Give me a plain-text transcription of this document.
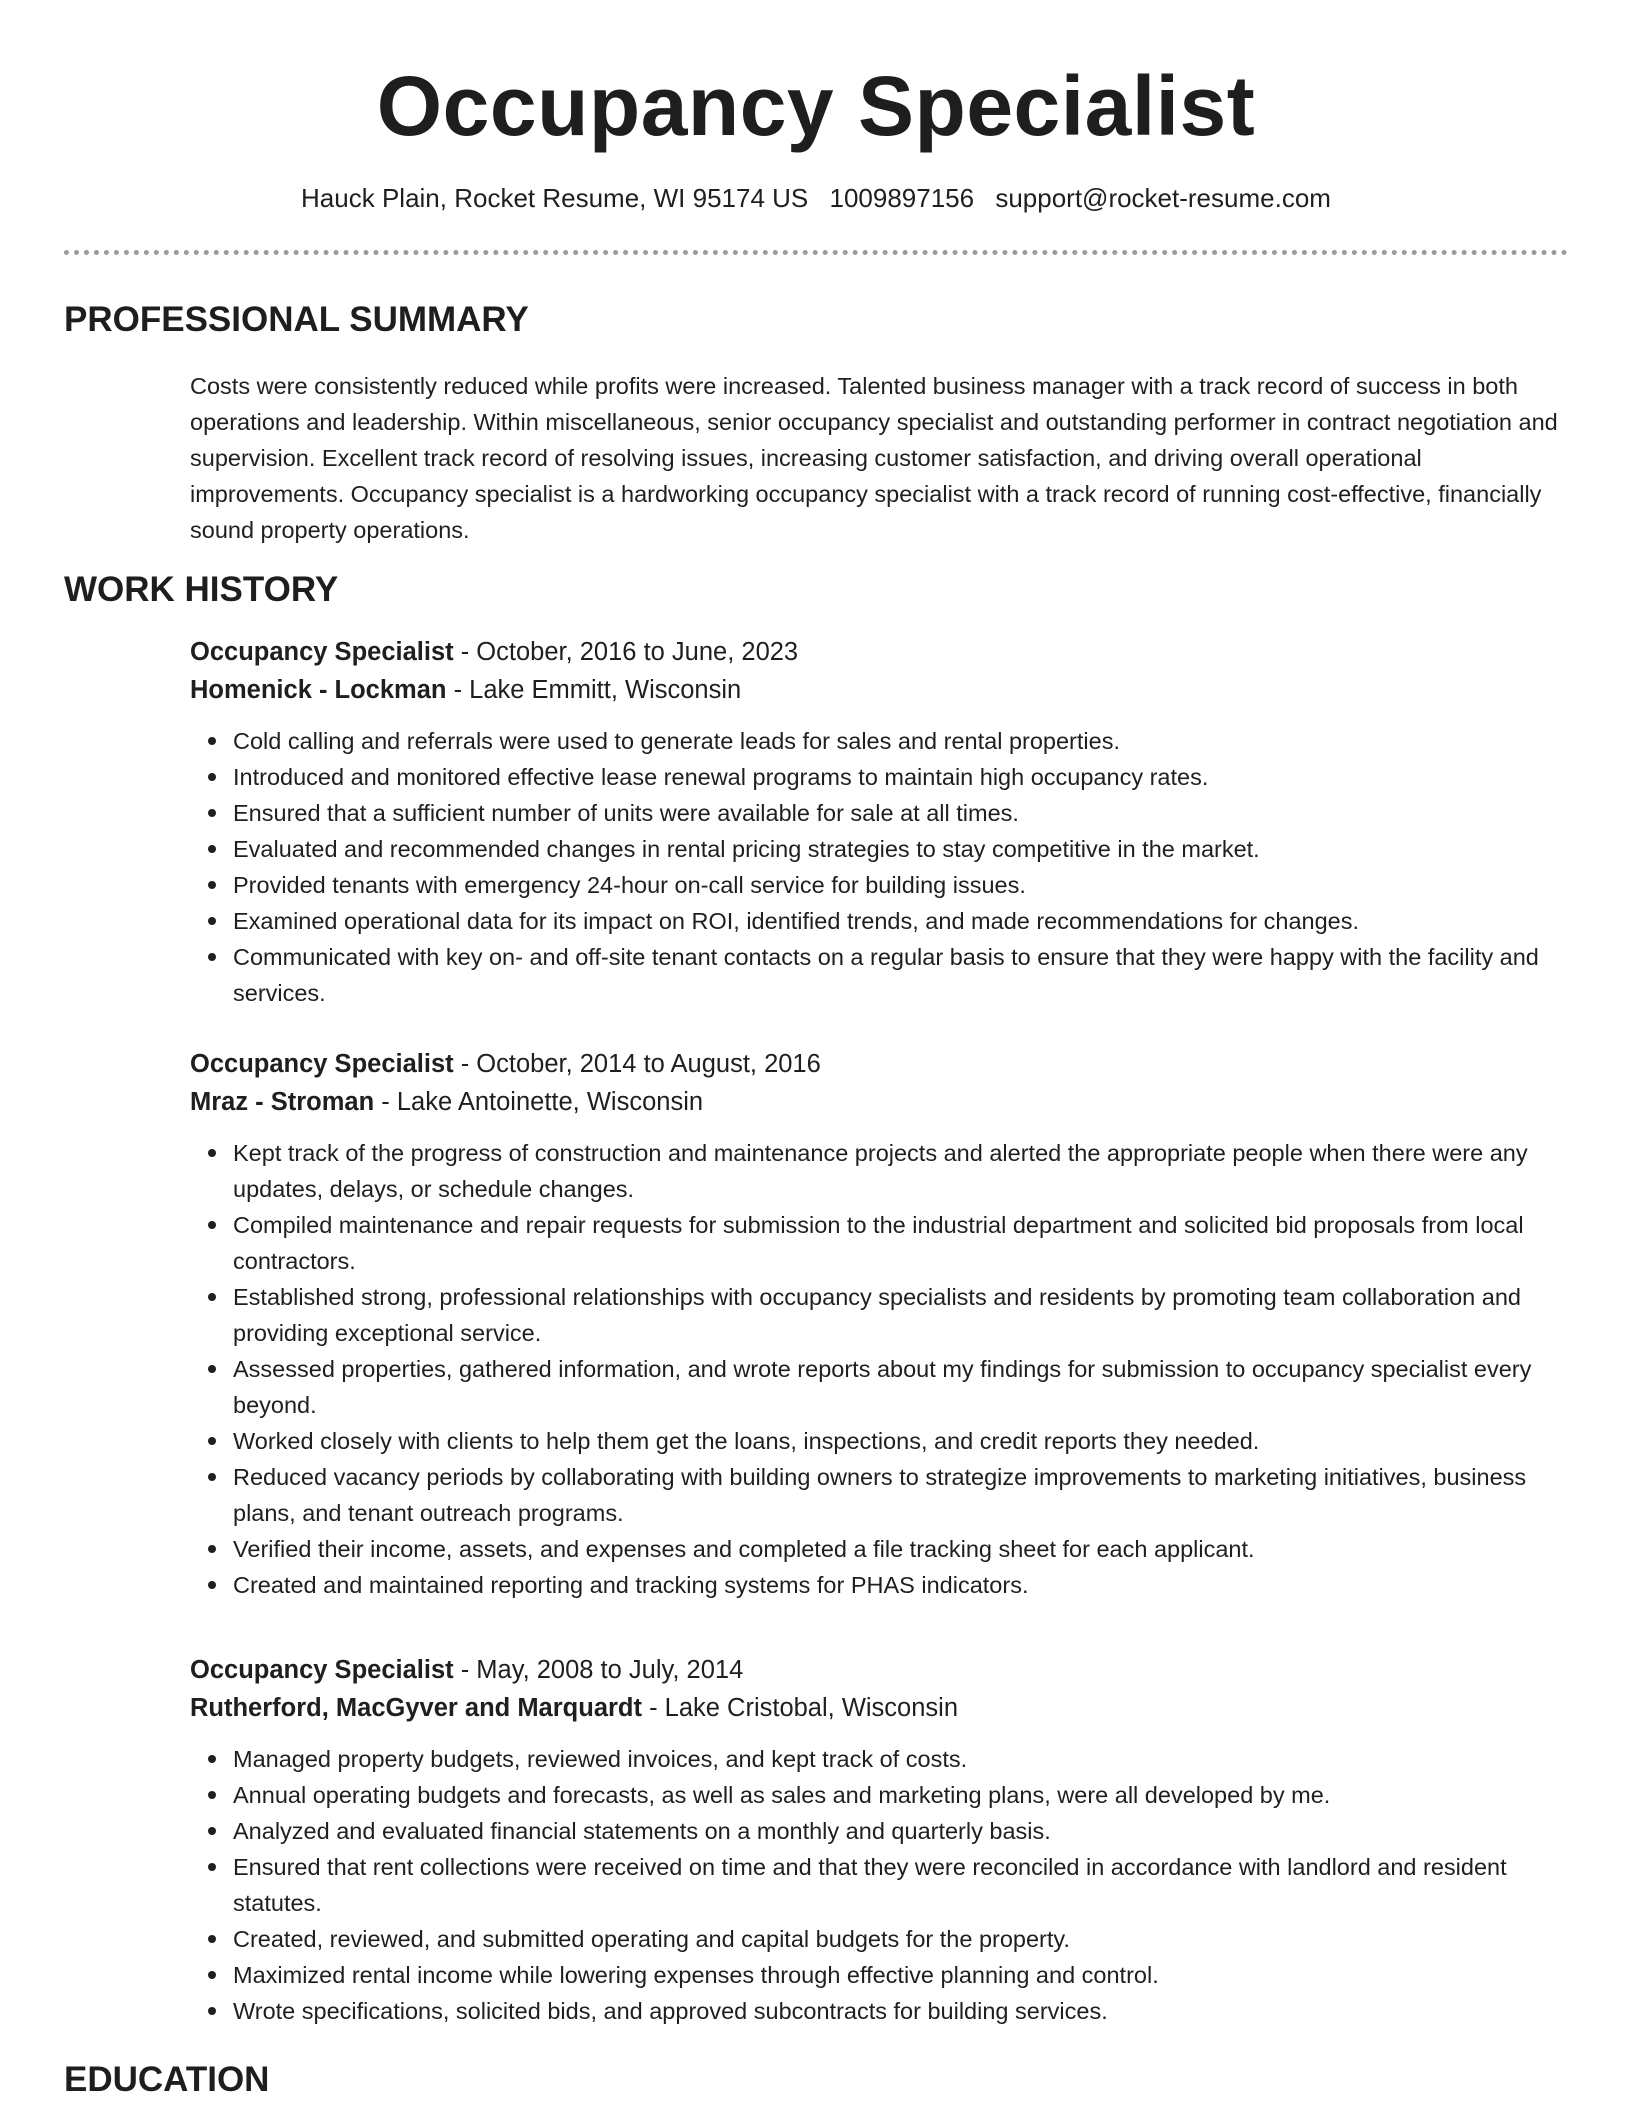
Occupancy Specialist
Hauck Plain, Rocket Resume, WI 95174 US 1009897156 support@rocket-resume.com
PROFESSIONAL SUMMARY

Costs were consistently reduced while profits were increased. Talented business manager with a track record of success in both operations and leadership. Within miscellaneous, senior occupancy specialist and outstanding performer in contract negotiation and supervision. Excellent track record of resolving issues, increasing customer satisfaction, and driving overall operational improvements. Occupancy specialist is a hardworking occupancy specialist with a track record of running cost-effective, financially sound property operations.

WORK HISTORY

Occupancy Specialist - October, 2016 to June, 2023

Homenick - Lockman - Lake Emmitt, Wisconsin

Cold calling and referrals were used to generate leads for sales and rental properties.
Introduced and monitored effective lease renewal programs to maintain high occupancy rates.
Ensured that a sufficient number of units were available for sale at all times.
Evaluated and recommended changes in rental pricing strategies to stay competitive in the market.
Provided tenants with emergency 24-hour on-call service for building issues.
Examined operational data for its impact on ROI, identified trends, and made recommendations for changes.
Communicated with key on- and off-site tenant contacts on a regular basis to ensure that they were happy with the facility and services.

Occupancy Specialist - October, 2014 to August, 2016

Mraz - Stroman - Lake Antoinette, Wisconsin

Kept track of the progress of construction and maintenance projects and alerted the appropriate people when there were any updates, delays, or schedule changes.
Compiled maintenance and repair requests for submission to the industrial department and solicited bid proposals from local contractors.
Established strong, professional relationships with occupancy specialists and residents by promoting team collaboration and providing exceptional service.
Assessed properties, gathered information, and wrote reports about my findings for submission to occupancy specialist every beyond.
Worked closely with clients to help them get the loans, inspections, and credit reports they needed.
Reduced vacancy periods by collaborating with building owners to strategize improvements to marketing initiatives, business plans, and tenant outreach programs.
Verified their income, assets, and expenses and completed a file tracking sheet for each applicant.
Created and maintained reporting and tracking systems for PHAS indicators.

Occupancy Specialist - May, 2008 to July, 2014

Rutherford, MacGyver and Marquardt - Lake Cristobal, Wisconsin

Managed property budgets, reviewed invoices, and kept track of costs.
Annual operating budgets and forecasts, as well as sales and marketing plans, were all developed by me.
Analyzed and evaluated financial statements on a monthly and quarterly basis.
Ensured that rent collections were received on time and that they were reconciled in accordance with landlord and resident statutes.
Created, reviewed, and submitted operating and capital budgets for the property.
Maximized rental income while lowering expenses through effective planning and control.
Wrote specifications, solicited bids, and approved subcontracts for building services.
EDUCATION
